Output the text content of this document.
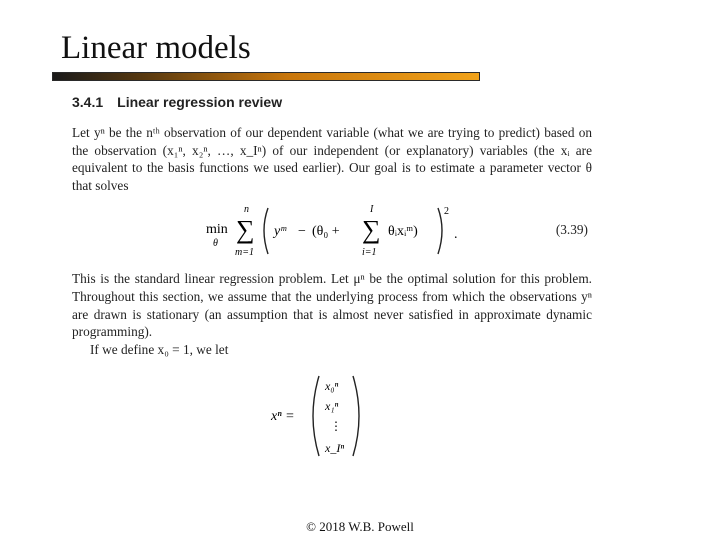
Linear models
3.4.1 Linear regression review

Let yⁿ be the nᵗʰ observation of our dependent variable (what we are trying to predict) based on the observation (x₁ⁿ, x₂ⁿ, …, x_Iⁿ) of our independent (or explanatory) variables (the xᵢ are equivalent to the basis functions we used earlier). Our goal is to estimate a parameter vector θ that solves

min
θ ∑
n
m=1
yᵐ − (θ₀ + ∑
I
i=1
θᵢxᵢᵐ)
2
.	(3.39)

This is the standard linear regression problem. Let μⁿ be the optimal solution for this problem. Throughout this section, we assume that the underlying process from which the observations yⁿ are drawn is stationary (an assumption that is almost never satisfied in approximate dynamic programming).

If we define x₀ = 1, we let

xⁿ =
x₀ⁿ
x₁ⁿ
⋮
x_Iⁿ
© 2018 W.B. Powell
